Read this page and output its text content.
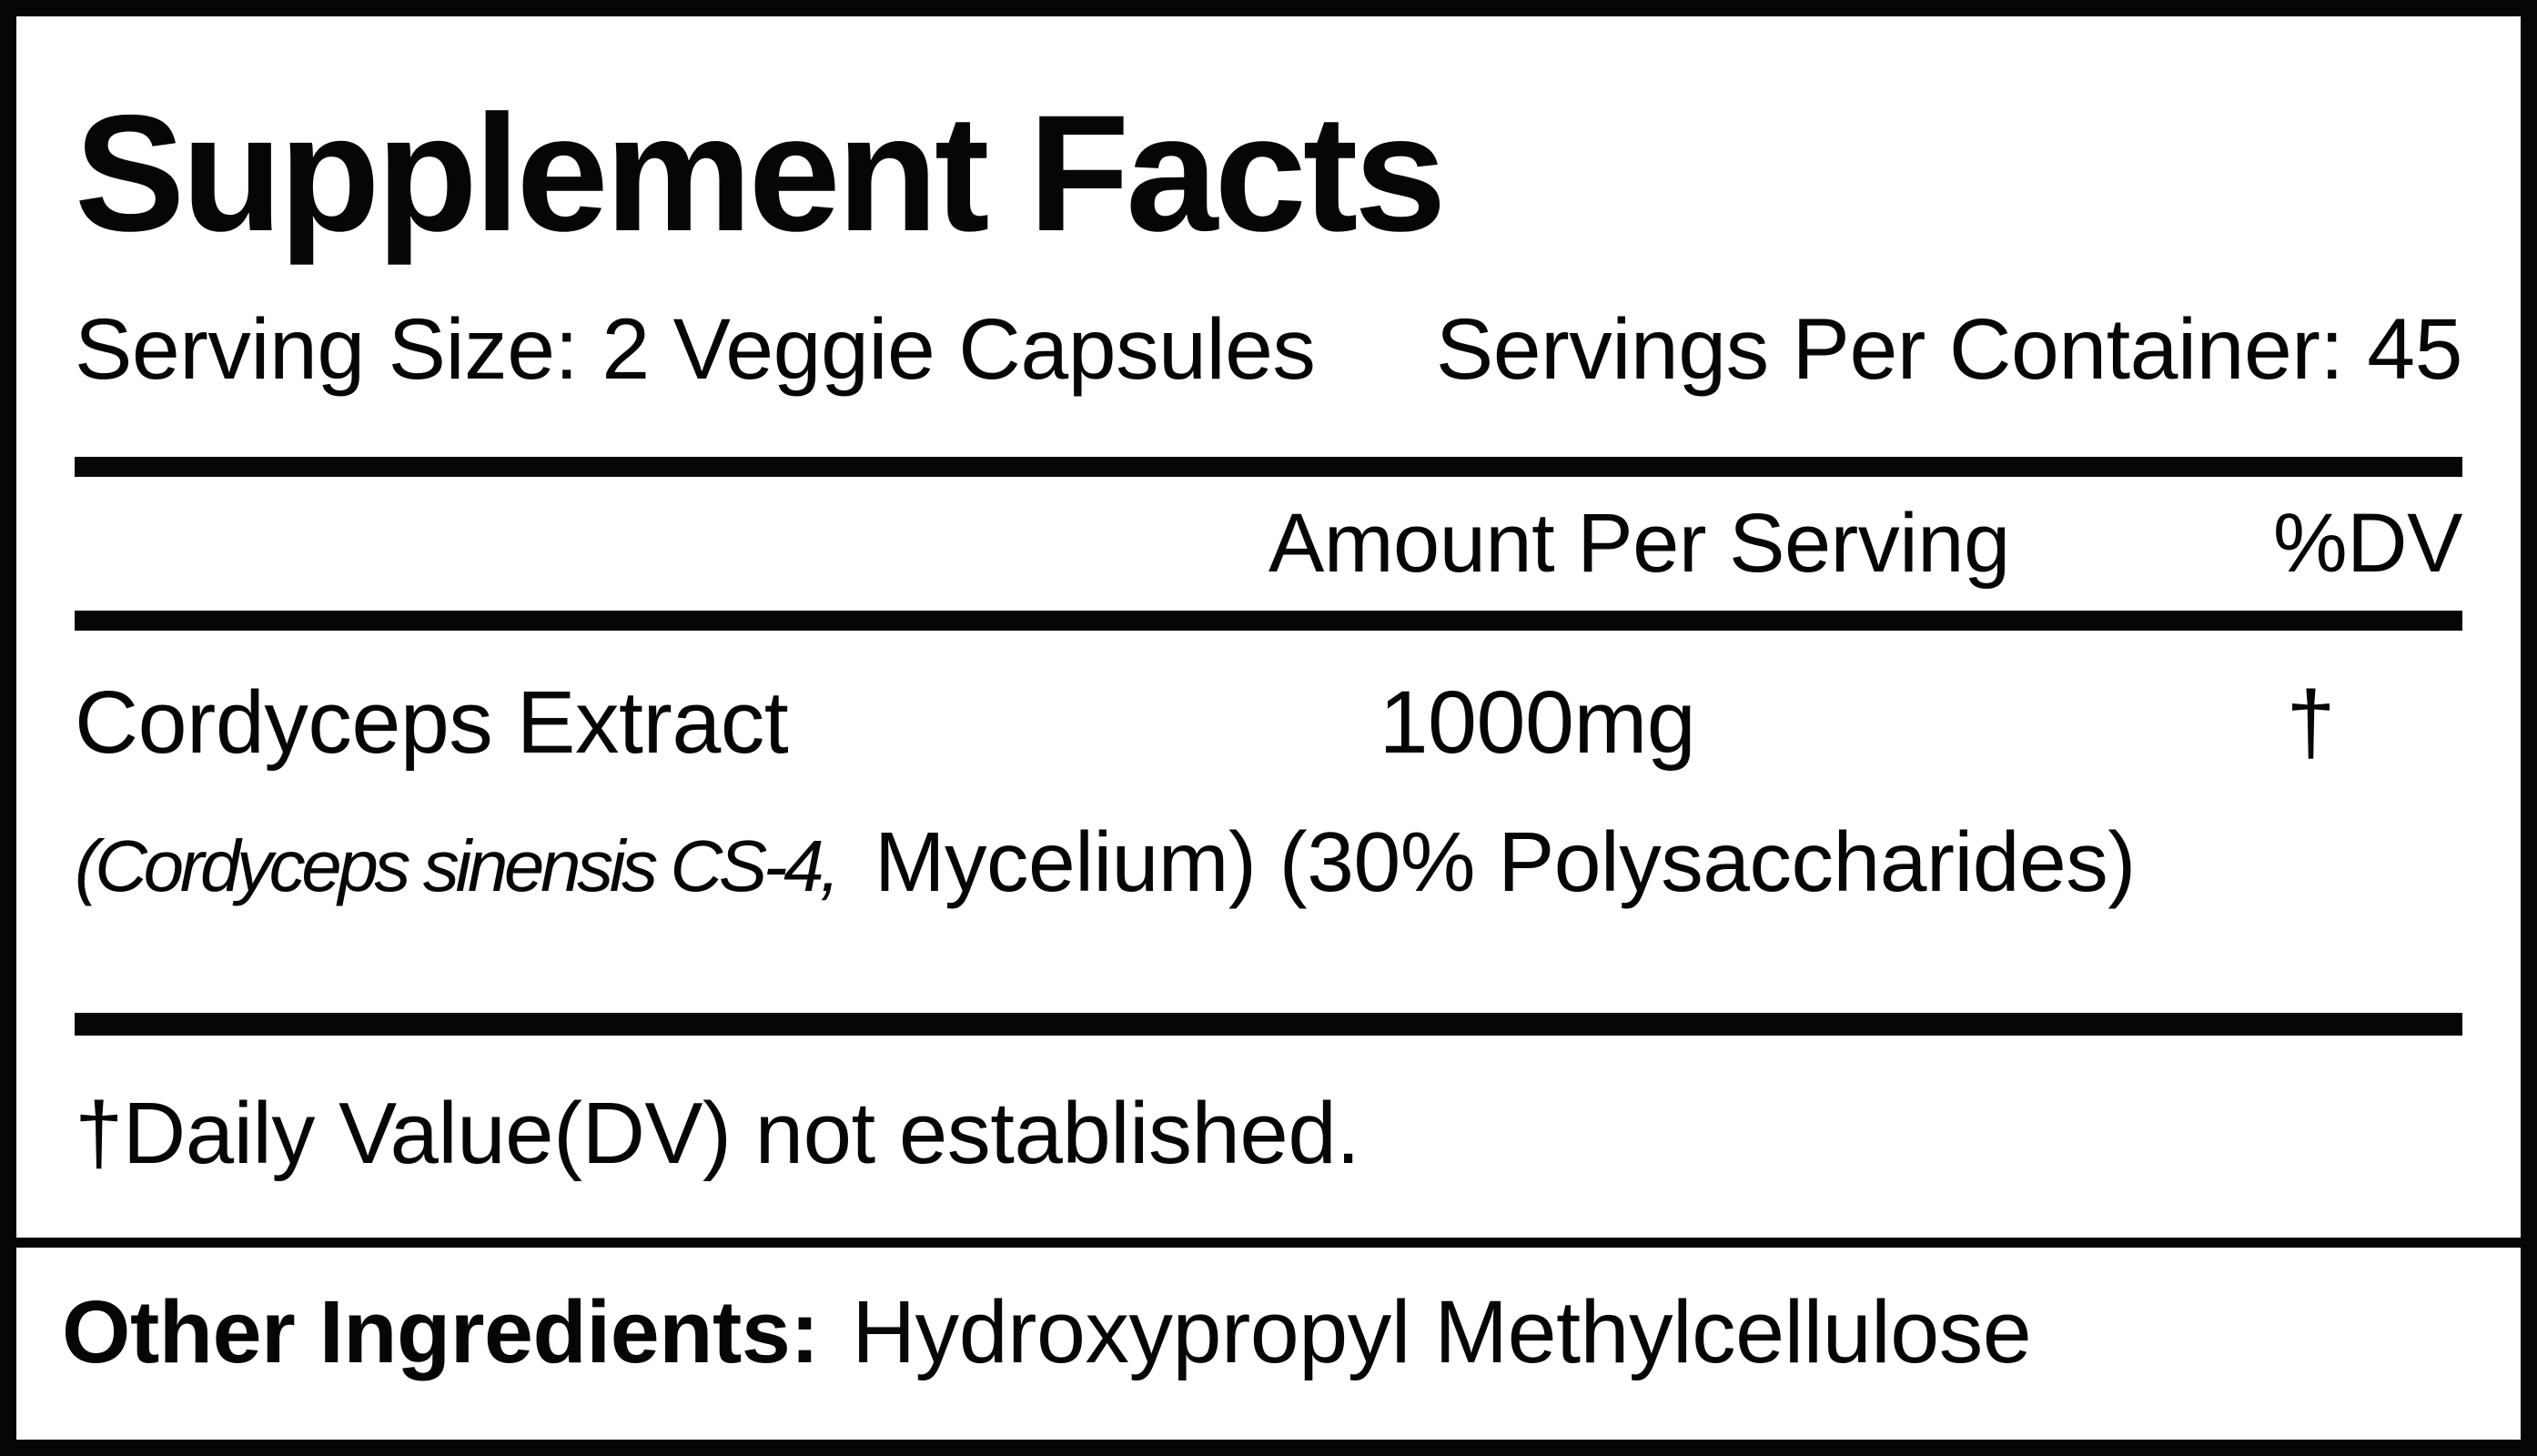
Supplement Facts
Serving Size: 2 Veggie Capsules Servings Per Container: 45
Amount Per Serving	%DV
Cordyceps Extract	1000mg	†
(Cordyceps sinensis CS-4, Mycelium) (30% Polysaccharides)
†Daily Value(DV) not established.
Other Ingredients: Hydroxypropyl Methylcellulose
